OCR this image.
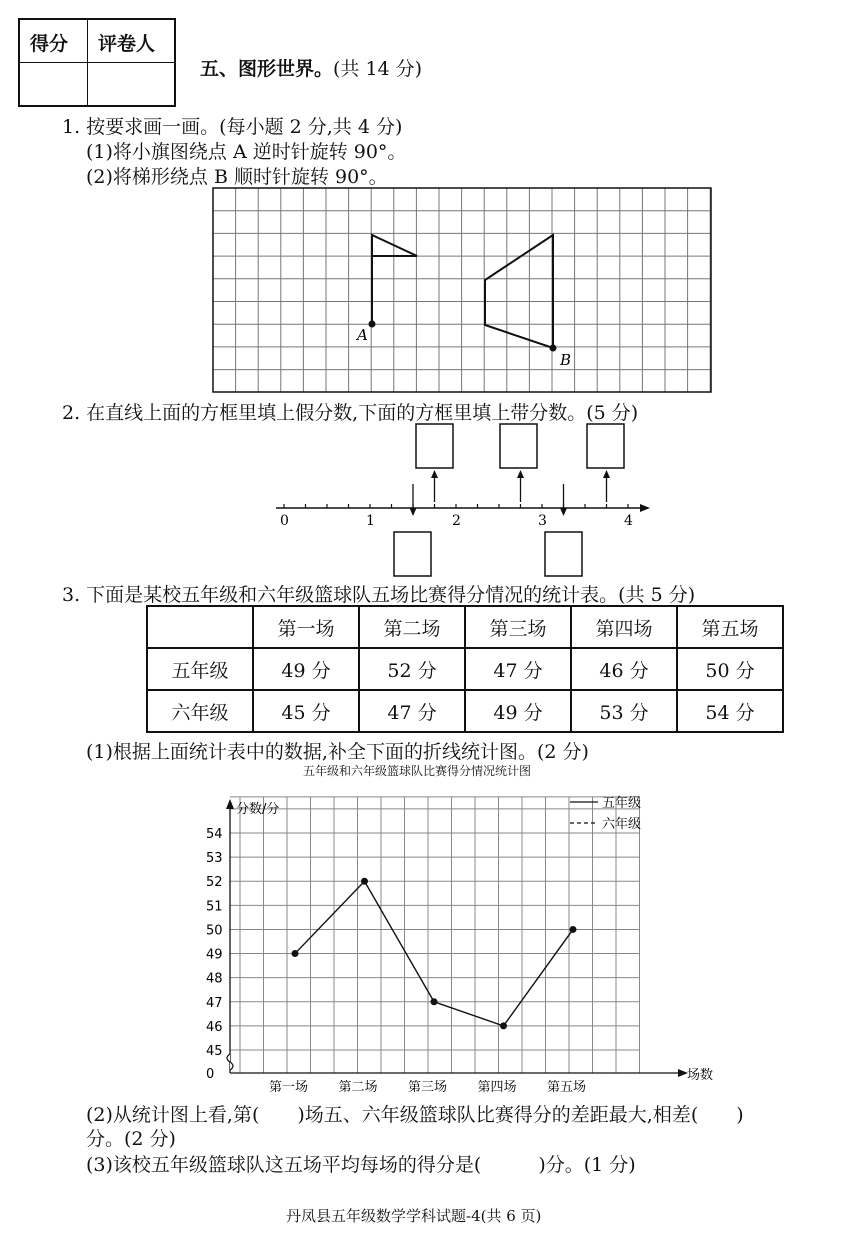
得分 评卷人
五、图形世界。(共 14 分)
1. 按要求画一画。(每小题 2 分,共 4 分)
(1)将小旗图绕点 A 逆时针旋转 90°。
(2)将梯形绕点 B 顺时针旋转 90°。
A
B
2. 在直线上面的方框里填上假分数,下面的方框里填上带分数。(5 分)
0	1	2	3	4
3. 下面是某校五年级和六年级篮球队五场比赛得分情况的统计表。(共 5 分)
	第一场	第二场	第三场	第四场	第五场
五年级	49 分	52 分	47 分	46 分	50 分
六年级	45 分	47 分	49 分	53 分	54 分
(1)根据上面统计表中的数据,补全下面的折线统计图。(2 分)
五年级和六年级篮球队比赛得分情况统计图
0
45
46
47
48
49
50
51
52
53
54
分数/分
场数
第一场 第二场 第三场 第四场 第五场
五年级
六年级
(2)从统计图上看,第(　　)场五、六年级篮球队比赛得分的差距最大,相差(　　)
分。(2 分)
(3)该校五年级篮球队这五场平均每场的得分是(　　　)分。(1 分)
丹凤县五年级数学学科试题-4(共 6 页)
